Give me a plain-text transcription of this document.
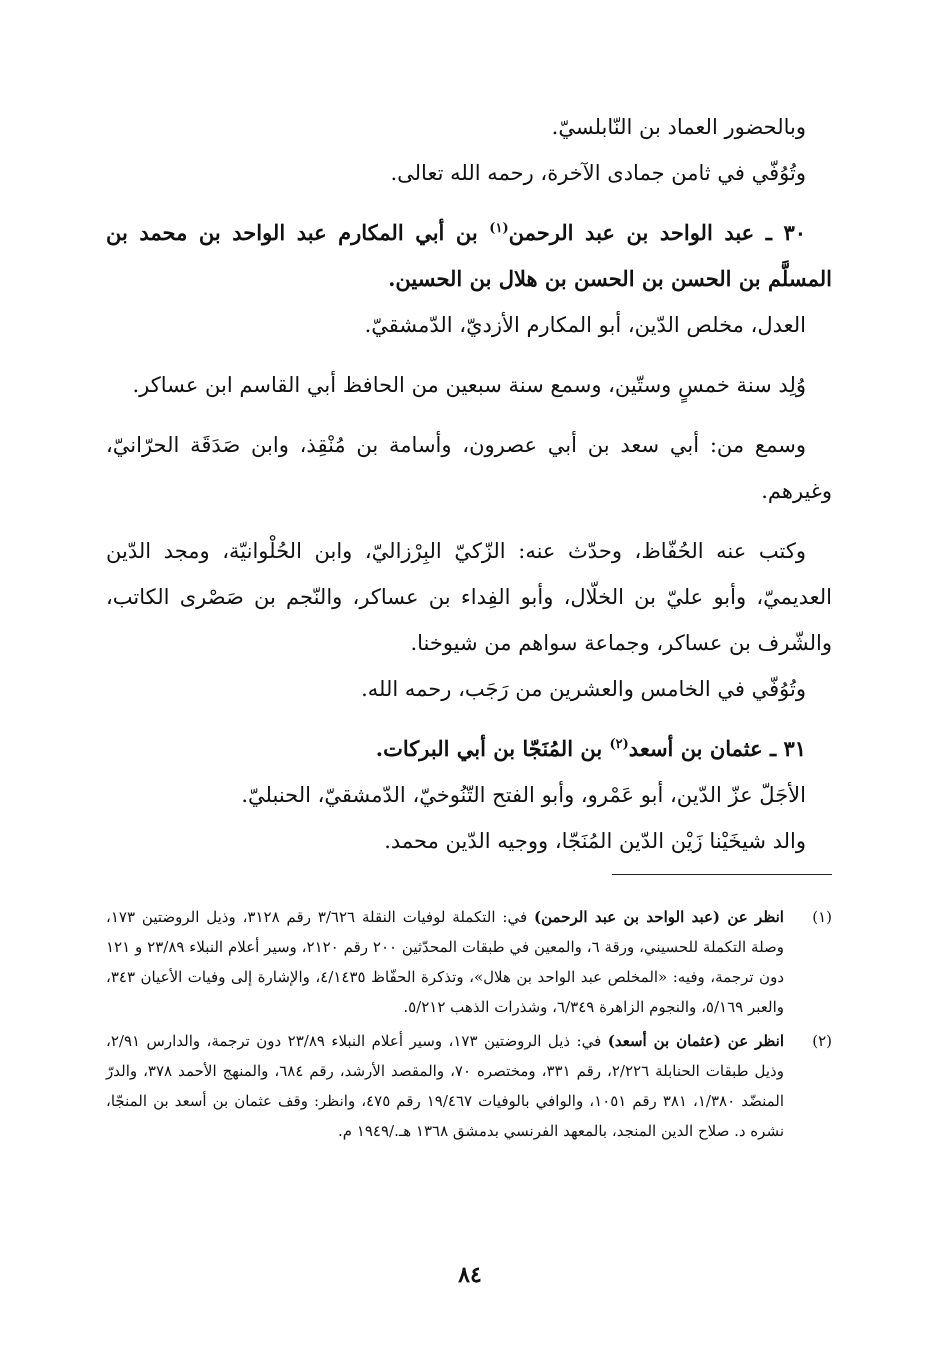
وبالحضور العماد بن النّابلسيّ.

وتُوُفّي في ثامن جمادى الآخرة، رحمه الله تعالى.

٣٠ ـ عبد الواحد بن عبد الرحمن$^{(١)}$ بن أبي المكارم عبد الواحد بن محمد بن المسلَّم بن الحسن بن الحسن بن هلال بن الحسين.

العدل، مخلص الدّين، أبو المكارم الأزديّ، الدّمشقيّ.

وُلِد سنة خمسٍ وستّين، وسمع سنة سبعين من الحافظ أبي القاسم ابن عساكر.

وسمع من: أبي سعد بن أبي عصرون، وأسامة بن مُنْقِذ، وابن صَدَقَة الحرّانيّ، وغيرهم.

وكتب عنه الحُفّاظ، وحدّث عنه: الزّكيّ البِرْزاليّ، وابن الحُلْوانيّة، ومجد الدّين العديميّ، وأبو عليّ بن الخلّال، وأبو الفِداء بن عساكر، والنّجم بن صَصْرى الكاتب، والشّرف بن عساكر، وجماعة سواهم من شيوخنا.

وتُوُفّي في الخامس والعشرين من رَجَب، رحمه الله.

٣١ ـ عثمان بن أسعد$^{(٢)}$ بن المُنَجّا بن أبي البركات.

الأجَلّ عزّ الدّين، أبو عَمْرو، وأبو الفتح التّنُوخيّ، الدّمشقيّ، الحنبليّ.

والد شيخَيْنا زَيْن الدّين المُنَجّا، ووجيه الدّين محمد.

(١)
انظر عن (عبد الواحد بن عبد الرحمن) في: التكملة لوفيات النقلة ٣/٦٢٦ رقم ٣١٢٨، وذيل الروضتين ١٧٣، وصلة التكملة للحسيني، ورقة ٦، والمعين في طبقات المحدّثين ٢٠٠ رقم ٢١٢٠، وسير أعلام النبلاء ٢٣/٨٩ و ١٢١ دون ترجمة، وفيه: «المخلص عبد الواحد بن هلال»، وتذكرة الحفّاظ ٤/١٤٣٥، والإشارة إلى وفيات الأعيان ٣٤٣، والعبر ٥/١٦٩، والنجوم الزاهرة ٦/٣٤٩، وشذرات الذهب ٥/٢١٢.
(٢)
انظر عن (عثمان بن أسعد) في: ذيل الروضتين ١٧٣، وسير أعلام النبلاء ٢٣/٨٩ دون ترجمة، والدارس ٢/٩١، وذيل طبقات الحنابلة ٢/٢٢٦، رقم ٣٣١، ومختصره ٧٠، والمقصد الأرشد، رقم ٦٨٤، والمنهج الأحمد ٣٧٨، والدرّ المنضّد ١/٣٨٠، ٣٨١ رقم ١٠٥١، والوافي بالوفيات ١٩/٤٦٧ رقم ٤٧٥، وانظر: وقف عثمان بن أسعد بن المنجّا، نشره د. صلاح الدين المنجد، بالمعهد الفرنسي بدمشق ١٣٦٨ هـ./١٩٤٩ م.
٨٤
